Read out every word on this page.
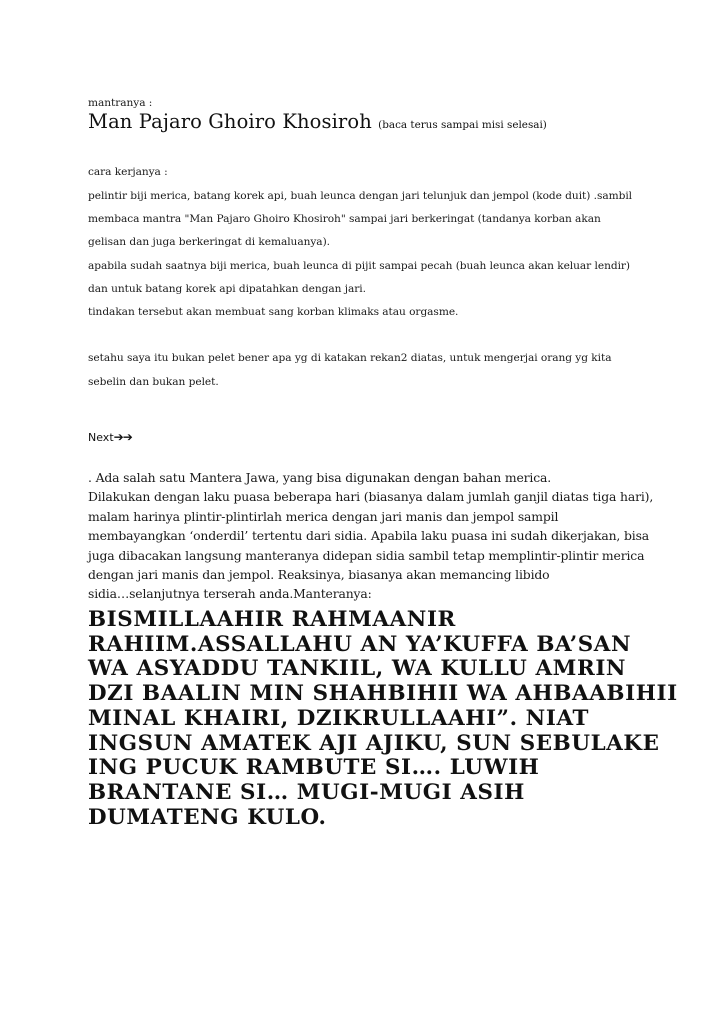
mantranya :

Man Pajaro Ghoiro Khosiroh (baca terus sampai misi selesai)

cara kerjanya :

pelintir biji merica, batang korek api, buah leunca dengan jari telunjuk dan jempol (kode duit) .sambil

membaca mantra "Man Pajaro Ghoiro Khosiroh" sampai jari berkeringat (tandanya korban akan

gelisan dan juga berkeringat di kemaluanya).

apabila sudah saatnya biji merica, buah leunca di pijit sampai pecah (buah leunca akan keluar lendir)

dan untuk batang korek api dipatahkan dengan jari.

tindakan tersebut akan membuat sang korban klimaks atau orgasme.

setahu saya itu bukan pelet bener apa yg di katakan rekan2 diatas, untuk mengerjai orang yg kita

sebelin dan bukan pelet.

Next➔➔

. Ada salah satu Mantera Jawa, yang bisa digunakan dengan bahan merica.
Dilakukan dengan laku puasa beberapa hari (biasanya dalam jumlah ganjil diatas tiga hari),
malam harinya plintir-plintirlah merica dengan jari manis dan jempol sampil
membayangkan ‘onderdil’ tertentu dari sidia. Apabila laku puasa ini sudah dikerjakan, bisa
juga dibacakan langsung manteranya didepan sidia sambil tetap memplintir-plintir merica
dengan jari manis dan jempol. Reaksinya, biasanya akan memancing libido
sidia…selanjutnya terserah anda.Manteranya:
BISMILLAAHIR RAHMAANIR
RAHIIM.ASSALLAHU AN YA’KUFFA BA’SAN
WA ASYADDU TANKIIL, WA KULLU AMRIN
DZI BAALIN MIN SHAHBIHII WA AHBAABIHII
MINAL KHAIRI, DZIKRULLAAHI”. NIAT
INGSUN AMATEK AJI AJIKU, SUN SEBULAKE
ING PUCUK RAMBUTE SI…. LUWIH
BRANTANE SI… MUGI-MUGI ASIH
DUMATENG KULO.
